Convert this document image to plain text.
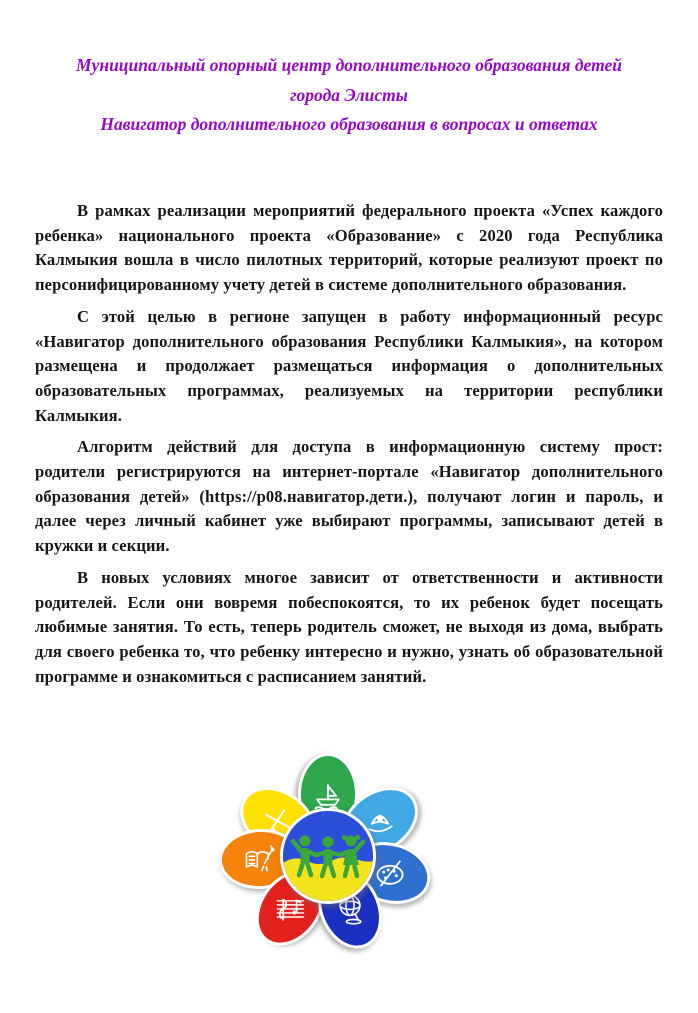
Муниципальный опорный центр дополнительного образования детей
города Элисты
Навигатор дополнительного образования в вопросах и ответах

В рамках реализации мероприятий федерального проекта «Успех каждого ребенка» национального проекта «Образование» с 2020 года Республика Калмыкия вошла в число пилотных территорий, которые реализуют проект по персонифицированному учету детей в системе дополнительного образования.

С этой целью в регионе запущен в работу информационный ресурс «Навигатор дополнительного образования Республики Калмыкия», на котором размещена и продолжает размещаться информация о дополнительных образовательных программах, реализуемых на территории республики Калмыкия.

Алгоритм действий для доступа в информационную систему прост: родители регистрируются на интернет-портале «Навигатор дополнительного образования детей» (https://p08.навигатор.дети.), получают логин и пароль, и далее через личный кабинет уже выбирают программы, записывают детей в кружки и секции.

В новых условиях многое зависит от ответственности и активности родителей. Если они вовремя побеспокоятся, то их ребенок будет посещать любимые занятия. То есть, теперь родитель сможет, не выходя из дома, выбрать для своего ребенка то, что ребенку интересно и нужно, узнать об образовательной программе и ознакомиться с расписанием занятий.
